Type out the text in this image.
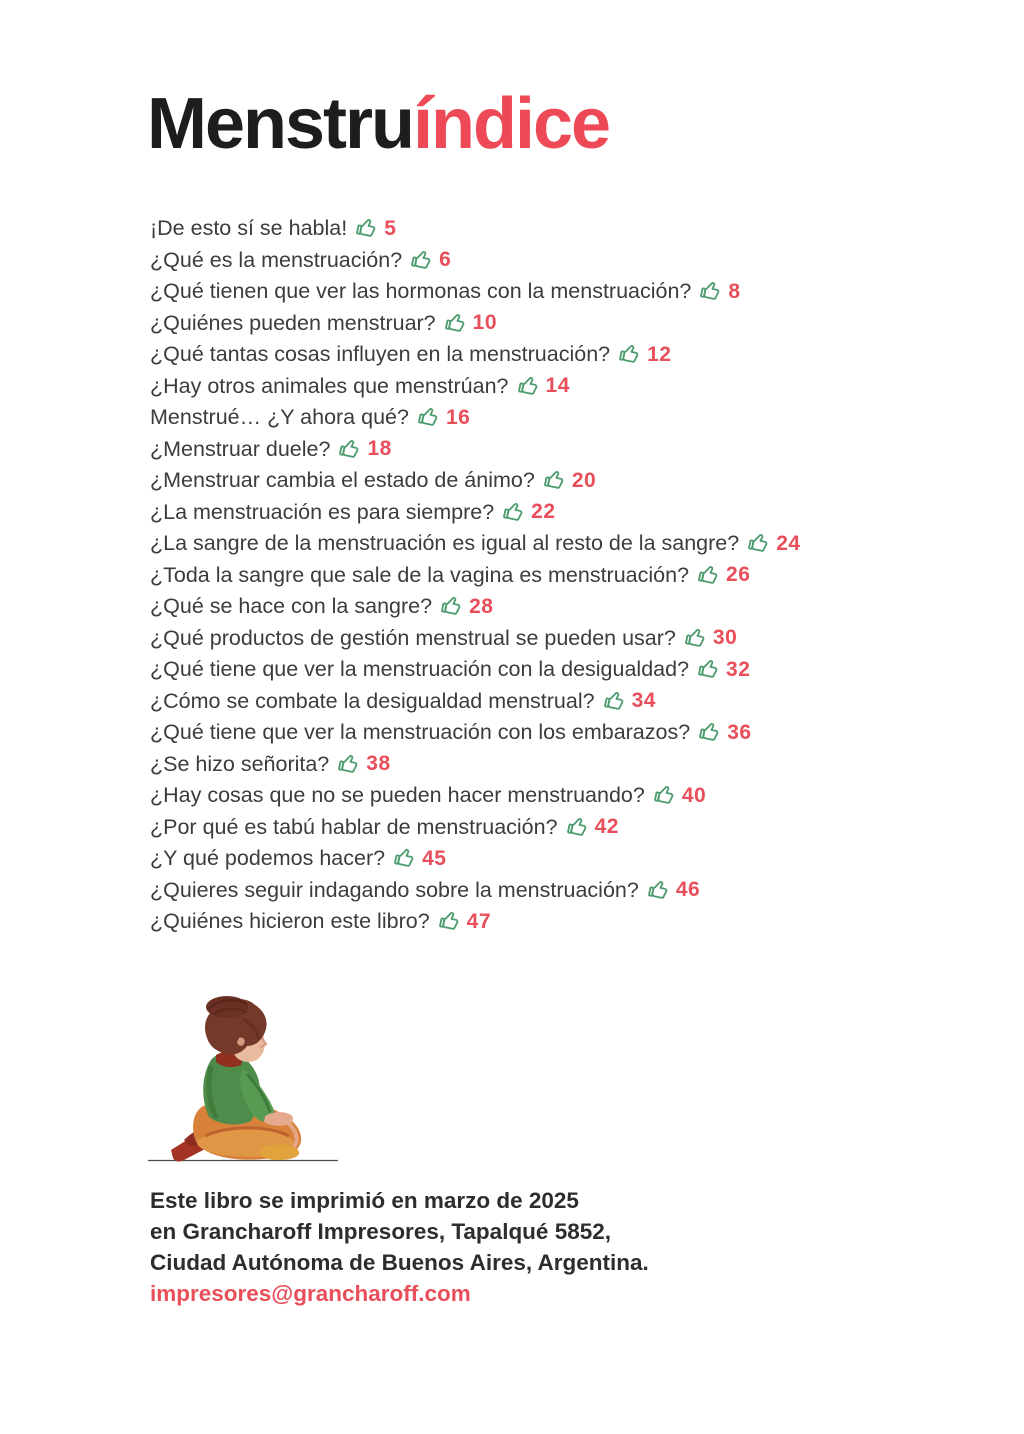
Menstruíndice
¡De esto sí se habla! 5
¿Qué es la menstruación? 6
¿Qué tienen que ver las hormonas con la menstruación? 8
¿Quiénes pueden menstruar? 10
¿Qué tantas cosas influyen en la menstruación? 12
¿Hay otros animales que menstrúan? 14
Menstrué… ¿Y ahora qué? 16
¿Menstruar duele? 18
¿Menstruar cambia el estado de ánimo? 20
¿La menstruación es para siempre? 22
¿La sangre de la menstruación es igual al resto de la sangre? 24
¿Toda la sangre que sale de la vagina es menstruación? 26
¿Qué se hace con la sangre? 28
¿Qué productos de gestión menstrual se pueden usar? 30
¿Qué tiene que ver la menstruación con la desigualdad? 32
¿Cómo se combate la desigualdad menstrual? 34
¿Qué tiene que ver la menstruación con los embarazos? 36
¿Se hizo señorita? 38
¿Hay cosas que no se pueden hacer menstruando? 40
¿Por qué es tabú hablar de menstruación? 42
¿Y qué podemos hacer? 45
¿Quieres seguir indagando sobre la menstruación? 46
¿Quiénes hicieron este libro? 47

Este libro se imprimió en marzo de 2025

en Grancharoff Impresores, Tapalqué 5852,

Ciudad Autónoma de Buenos Aires, Argentina.

impresores@grancharoff.com
